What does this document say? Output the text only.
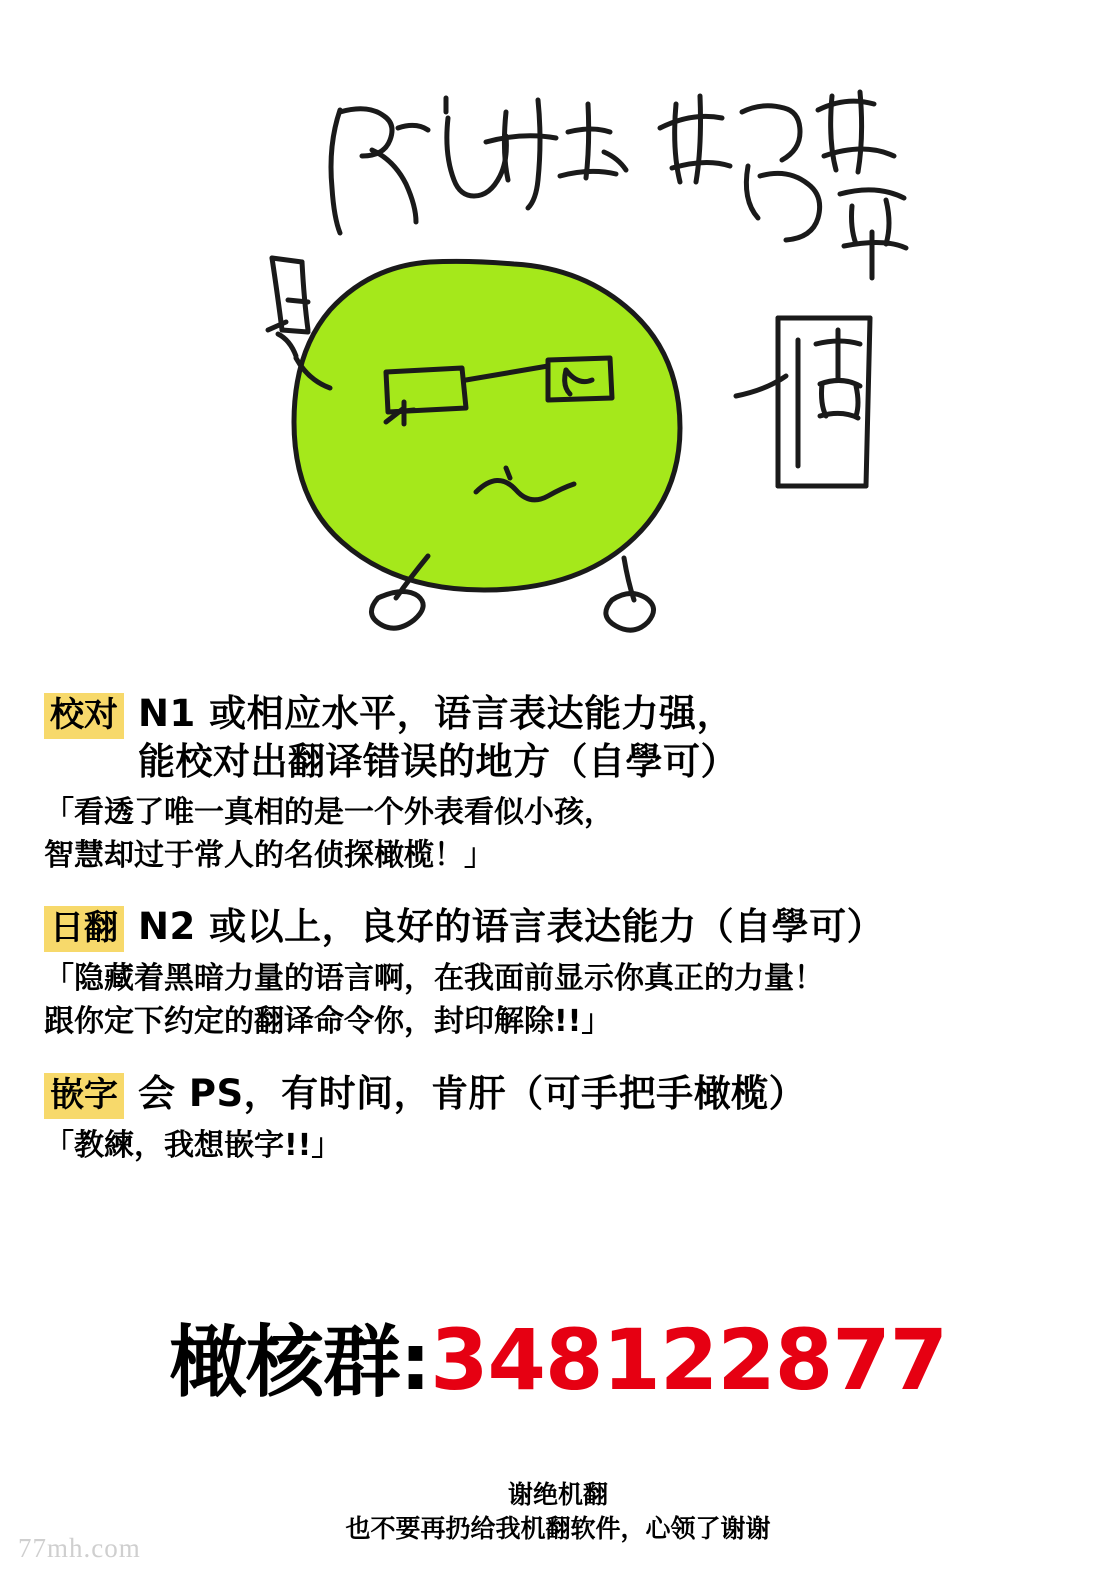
校对 N1 或相应水平，语言表达能力强，
能校对出翻译错误的地方（自學可）
「看透了唯一真相的是一个外表看似小孩，
智慧却过于常人的名侦探橄榄！」
日翻 N2 或以上，良好的语言表达能力（自學可）
「隐藏着黑暗力量的语言啊，在我面前显示你真正的力量！
跟你定下约定的翻译命令你，封印解除!!」
嵌字 会 PS，有时间，肯肝（可手把手橄榄）
「教練，我想嵌字!!」
橄核群:348122877
谢绝机翻
也不要再扔给我机翻软件，心领了谢谢
77mh.com
